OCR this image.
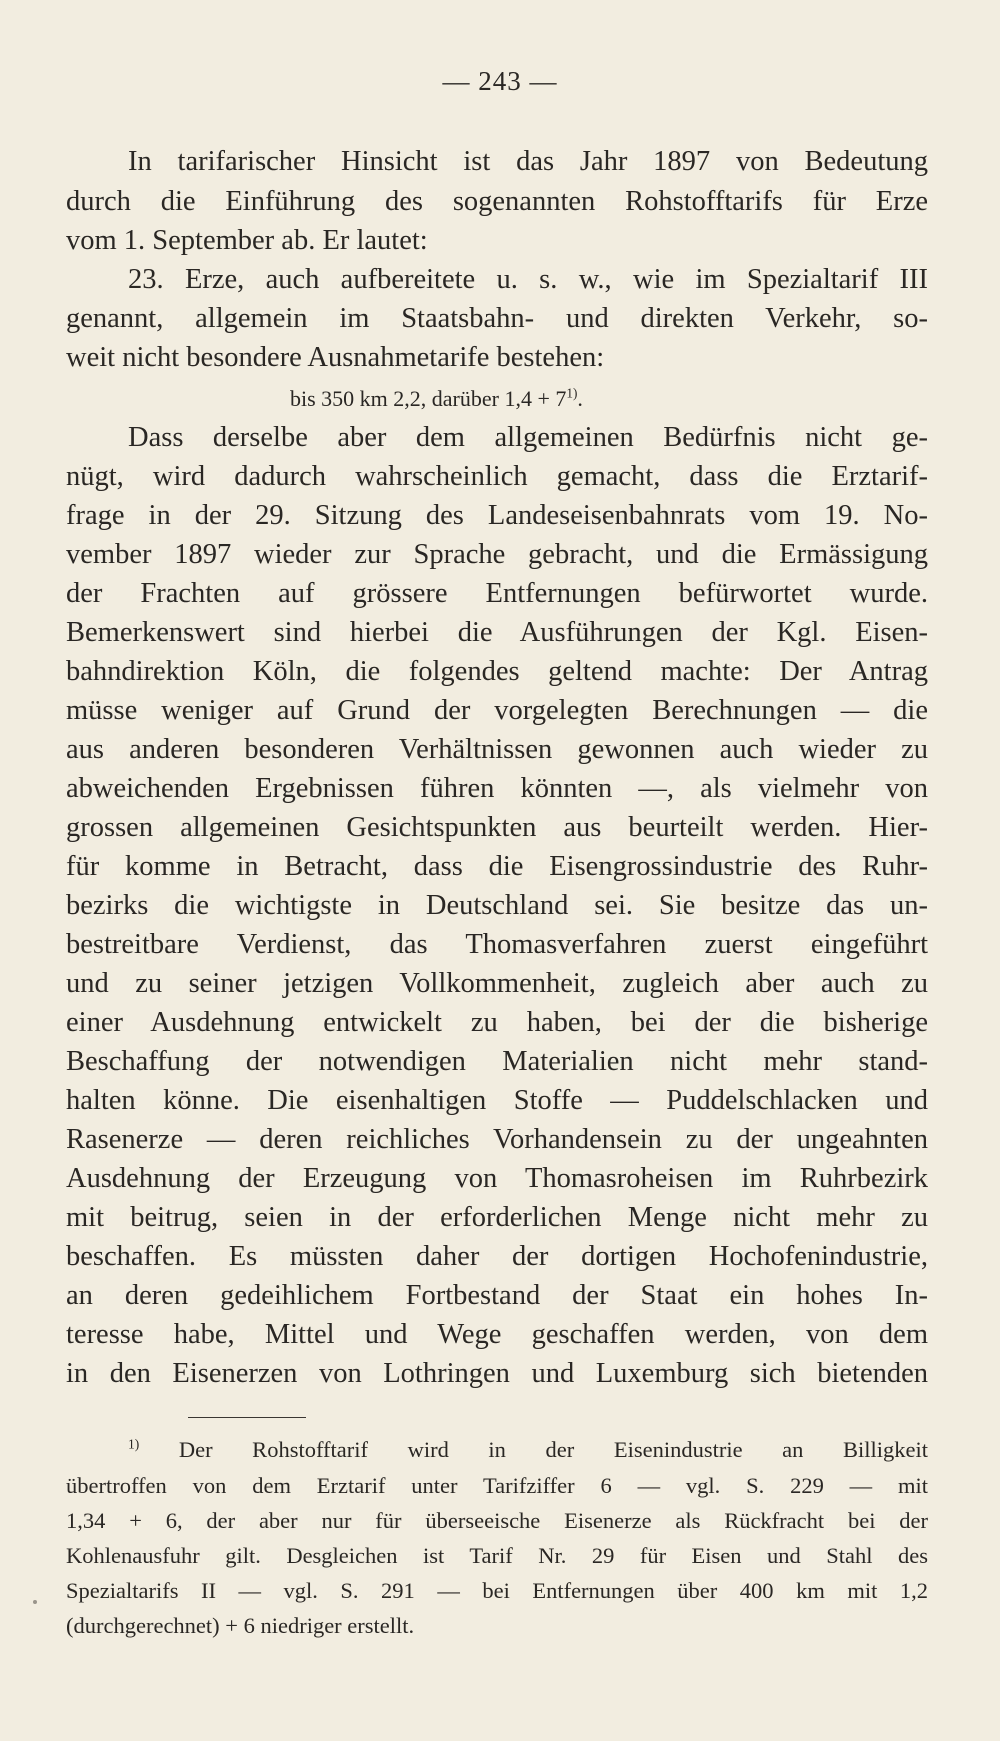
— 243 —
In tarifarischer Hinsicht ist das Jahr 1897 von Bedeutung
durch die Einführung des sogenannten Rohstofftarifs für Erze
vom 1. September ab. Er lautet:
23. Erze, auch aufbereitete u. s. w., wie im Spezialtarif III
genannt, allgemein im Staatsbahn- und direkten Verkehr, so-
weit nicht besondere Ausnahmetarife bestehen:
bis 350 km 2,2, darüber $1,4 + 7^{1)}$.
Dass derselbe aber dem allgemeinen Bedürfnis nicht ge-
nügt, wird dadurch wahrscheinlich gemacht, dass die Erztarif-
frage in der 29. Sitzung des Landeseisenbahnrats vom 19. No-
vember 1897 wieder zur Sprache gebracht, und die Ermässigung
der Frachten auf grössere Entfernungen befürwortet wurde.
Bemerkenswert sind hierbei die Ausführungen der Kgl. Eisen-
bahndirektion Köln, die folgendes geltend machte: Der Antrag
müsse weniger auf Grund der vorgelegten Berechnungen — die
aus anderen besonderen Verhältnissen gewonnen auch wieder zu
abweichenden Ergebnissen führen könnten —, als vielmehr von
grossen allgemeinen Gesichtspunkten aus beurteilt werden. Hier-
für komme in Betracht, dass die Eisengrossindustrie des Ruhr-
bezirks die wichtigste in Deutschland sei. Sie besitze das un-
bestreitbare Verdienst, das Thomasverfahren zuerst eingeführt
und zu seiner jetzigen Vollkommenheit, zugleich aber auch zu
einer Ausdehnung entwickelt zu haben, bei der die bisherige
Beschaffung der notwendigen Materialien nicht mehr stand-
halten könne. Die eisenhaltigen Stoffe — Puddelschlacken und
Rasenerze — deren reichliches Vorhandensein zu der ungeahnten
Ausdehnung der Erzeugung von Thomasroheisen im Ruhrbezirk
mit beitrug, seien in der erforderlichen Menge nicht mehr zu
beschaffen. Es müssten daher der dortigen Hochofenindustrie,
an deren gedeihlichem Fortbestand der Staat ein hohes In-
teresse habe, Mittel und Wege geschaffen werden, von dem
in den Eisenerzen von Lothringen und Luxemburg sich bietenden
$^{1)}$ Der Rohstofftarif wird in der Eisenindustrie an Billigkeit
übertroffen von dem Erztarif unter Tarifziffer 6 — vgl. S. 229 — mit
1,34 + 6, der aber nur für überseeische Eisenerze als Rückfracht bei der
Kohlenausfuhr gilt. Desgleichen ist Tarif Nr. 29 für Eisen und Stahl des
Spezialtarifs II — vgl. S. 291 — bei Entfernungen über 400 km mit 1,2
(durchgerechnet) + 6 niedriger erstellt.
